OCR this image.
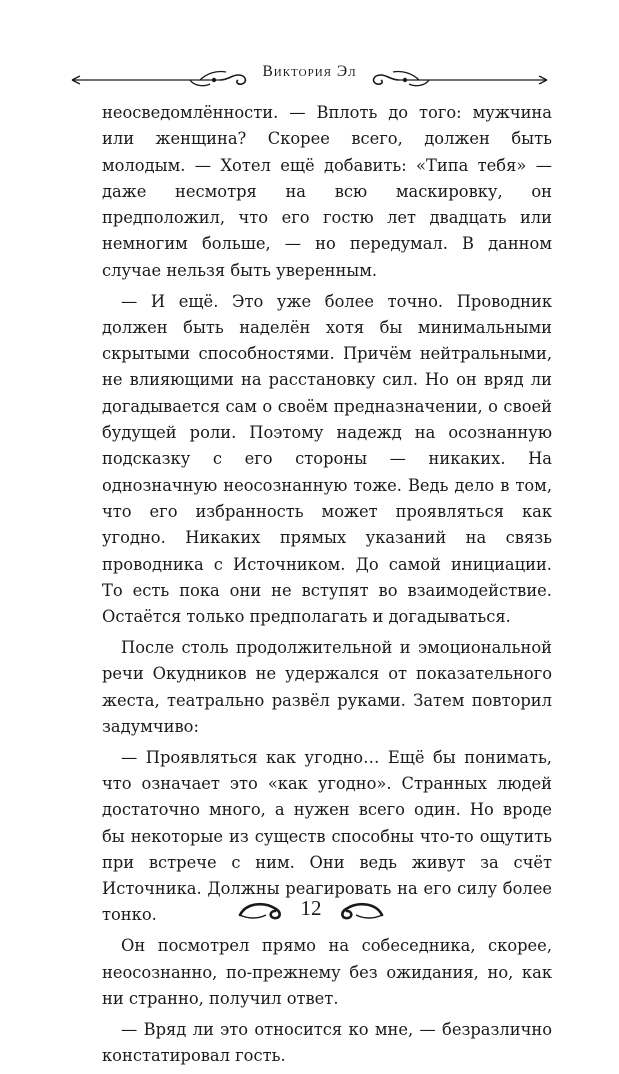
Виктория Эл

неосведомлённости. — Вплоть до того: мужчина или женщина? Скорее всего, должен быть молодым. — Хотел ещё добавить: «Типа тебя» — даже несмотря на всю маскировку, он предположил, что его гостю лет двадцать или немногим больше, — но передумал. В данном случае нельзя быть уверенным.

— И ещё. Это уже более точно. Проводник должен быть наделён хотя бы минимальными скрытыми способностями. Причём нейтральными, не влияющими на расстановку сил. Но он вряд ли догадывается сам о своём предназначении, о своей будущей роли. Поэтому надежд на осознанную подсказку с его стороны — никаких. На однозначную неосознанную тоже. Ведь дело в том, что его избранность может проявляться как угодно. Никаких прямых указаний на связь проводника с Источником. До самой инициации. То есть пока они не вступят во взаимодействие. Остаётся только предполагать и догадываться.

После столь продолжительной и эмоциональной речи Окудников не удержался от показательного жеста, театрально развёл руками. Затем повторил задумчиво:

— Проявляться как угодно… Ещё бы понимать, что означает это «как угодно». Странных людей достаточно много, а нужен всего один. Но вроде бы некоторые из существ способны что-то ощутить при встрече с ним. Они ведь живут за счёт Источника. Должны реагировать на его силу более тонко.

Он посмотрел прямо на собеседника, скорее, неосознанно, по-прежнему без ожидания, но, как ни странно, получил ответ.

— Вряд ли это относится ко мне, — безразлично констатировал гость.

12
